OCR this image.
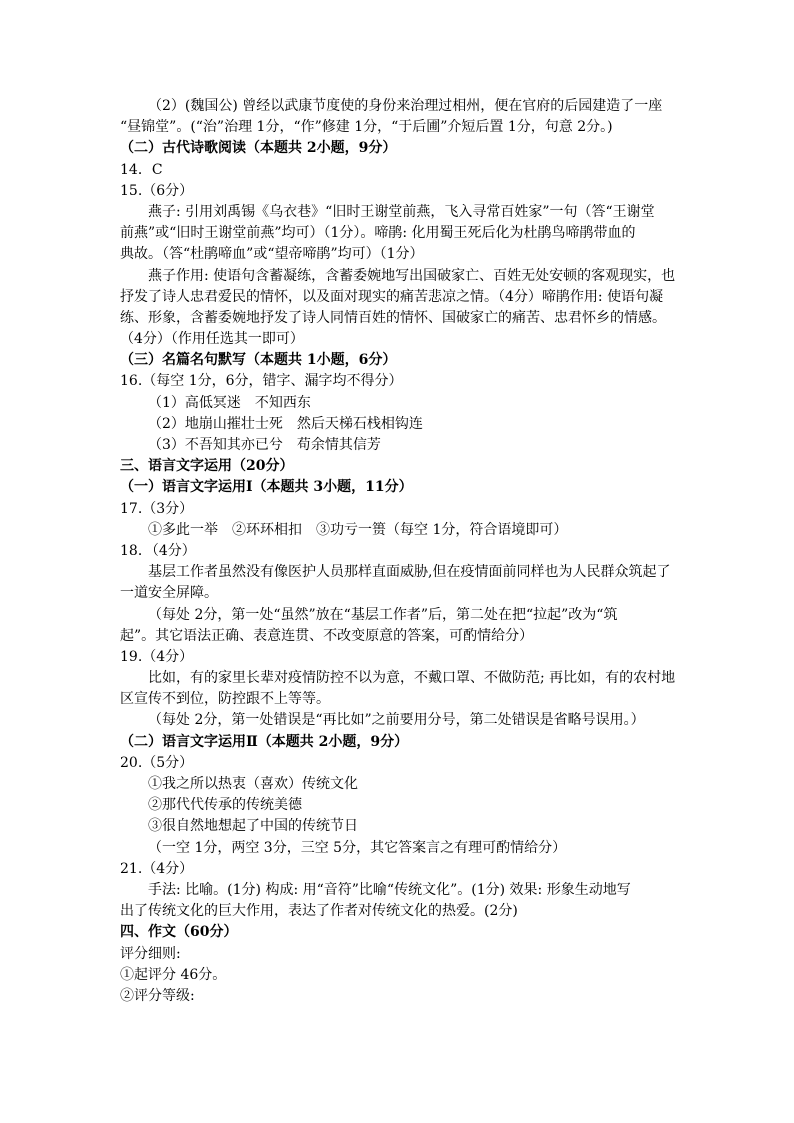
（2）(魏国公) 曾经以武康节度使的身份来治理过相州，便在官府的后园建造了一座
“昼锦堂”。(“治”治理 1分，“作”修建 1分，“于后圃”介短后置 1分，句意 2分。)
（二）古代诗歌阅读（本题共 2小题，9分）
14．C
15.（6分）
燕子: 引用刘禹锡《乌衣巷》“旧时王谢堂前燕，飞入寻常百姓家”一句（答“王谢堂
前燕”或“旧时王谢堂前燕”均可）（1分）。啼鹃: 化用蜀王死后化为杜鹃鸟啼鹃带血的
典故。（答“杜鹃啼血”或“望帝啼鹃”均可）（1分）
燕子作用: 使语句含蓄凝练，含蓄委婉地写出国破家亡、百姓无处安顿的客观现实，也
抒发了诗人忠君爱民的情怀，以及面对现实的痛苦悲凉之情。（4分）啼鹃作用: 使语句凝
练、形象，含蓄委婉地抒发了诗人同情百姓的情怀、国破家亡的痛苦、忠君怀乡的情感。
（4分）（作用任选其一即可）
（三）名篇名句默写（本题共 1小题，6分）
16.（每空 1分，6分，错字、漏字均不得分）
（1）高低冥迷　不知西东
（2）地崩山摧壮士死　然后天梯石栈相钩连
（3）不吾知其亦已兮　苟余情其信芳
三、语言文字运用（20分）
（一）语言文字运用Ⅰ（本题共 3小题，11分）
17.（3分）
①多此一举　②环环相扣　③功亏一篑（每空 1分，符合语境即可）
18．（4分）
基层工作者虽然没有像医护人员那样直面威胁,但在疫情面前同样也为人民群众筑起了
一道安全屏障。
（每处 2分，第一处“虽然”放在“基层工作者”后，第二处在把“拉起”改为“筑
起”。其它语法正确、表意连贯、不改变原意的答案，可酌情给分）
19.（4分）
比如，有的家里长辈对疫情防控不以为意，不戴口罩、不做防范; 再比如，有的农村地
区宣传不到位，防控跟不上等等。
（每处 2分，第一处错误是“再比如”之前要用分号，第二处错误是省略号误用。）
（二）语言文字运用Ⅱ（本题共 2小题，9分）
20.（5分）
①我之所以热衷（喜欢）传统文化
②那代代传承的传统美德
③很自然地想起了中国的传统节日
（一空 1分，两空 3分，三空 5分，其它答案言之有理可酌情给分）
21.（4分）
手法: 比喻。(1分) 构成: 用“音符”比喻“传统文化”。(1分) 效果: 形象生动地写
出了传统文化的巨大作用，表达了作者对传统文化的热爱。(2分)
四、作文（60分）
评分细则:
①起评分 46分。
②评分等级:
